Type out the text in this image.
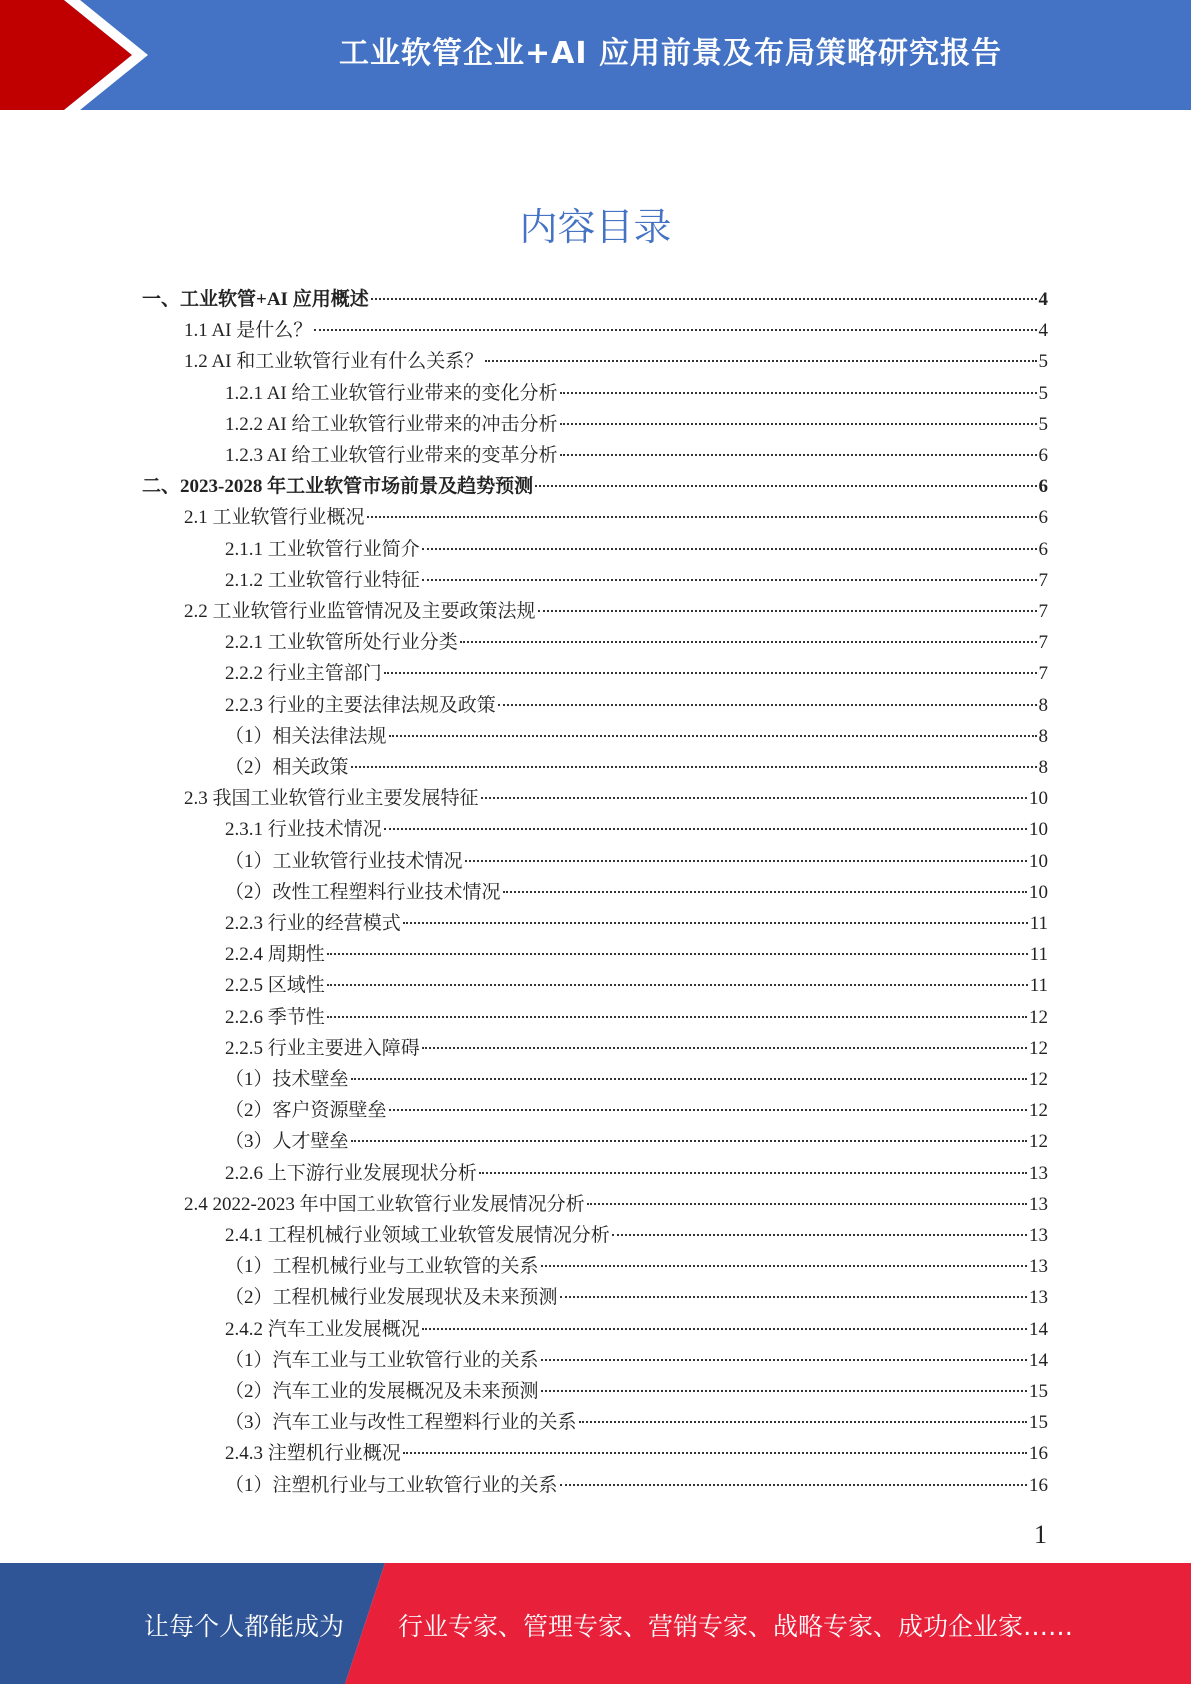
工业软管企业+AI 应用前景及布局策略研究报告
内容目录
一、工业软管+AI 应用概述	4
1.1 AI 是什么？	4
1.2 AI 和工业软管行业有什么关系？	5
1.2.1 AI 给工业软管行业带来的变化分析	5
1.2.2 AI 给工业软管行业带来的冲击分析	5
1.2.3 AI 给工业软管行业带来的变革分析	6
二、2023-2028 年工业软管市场前景及趋势预测	6
2.1 工业软管行业概况	6
2.1.1 工业软管行业简介	6
2.1.2 工业软管行业特征	7
2.2 工业软管行业监管情况及主要政策法规	7
2.2.1 工业软管所处行业分类	7
2.2.2 行业主管部门	7
2.2.3 行业的主要法律法规及政策	8
（1）相关法律法规	8
（2）相关政策	8
2.3 我国工业软管行业主要发展特征	10
2.3.1 行业技术情况	10
（1）工业软管行业技术情况	10
（2）改性工程塑料行业技术情况	10
2.2.3 行业的经营模式	11
2.2.4 周期性	11
2.2.5 区域性	11
2.2.6 季节性	12
2.2.5 行业主要进入障碍	12
（1）技术壁垒	12
（2）客户资源壁垒	12
（3）人才壁垒	12
2.2.6 上下游行业发展现状分析	13
2.4 2022-2023 年中国工业软管行业发展情况分析	13
2.4.1 工程机械行业领域工业软管发展情况分析	13
（1）工程机械行业与工业软管的关系	13
（2）工程机械行业发展现状及未来预测	13
2.4.2 汽车工业发展概况	14
（1）汽车工业与工业软管行业的关系	14
（2）汽车工业的发展概况及未来预测	15
（3）汽车工业与改性工程塑料行业的关系	15
2.4.3 注塑机行业概况	16
（1）注塑机行业与工业软管行业的关系	16
1
让每个人都能成为 行业专家、管理专家、营销专家、战略专家、成功企业家……
